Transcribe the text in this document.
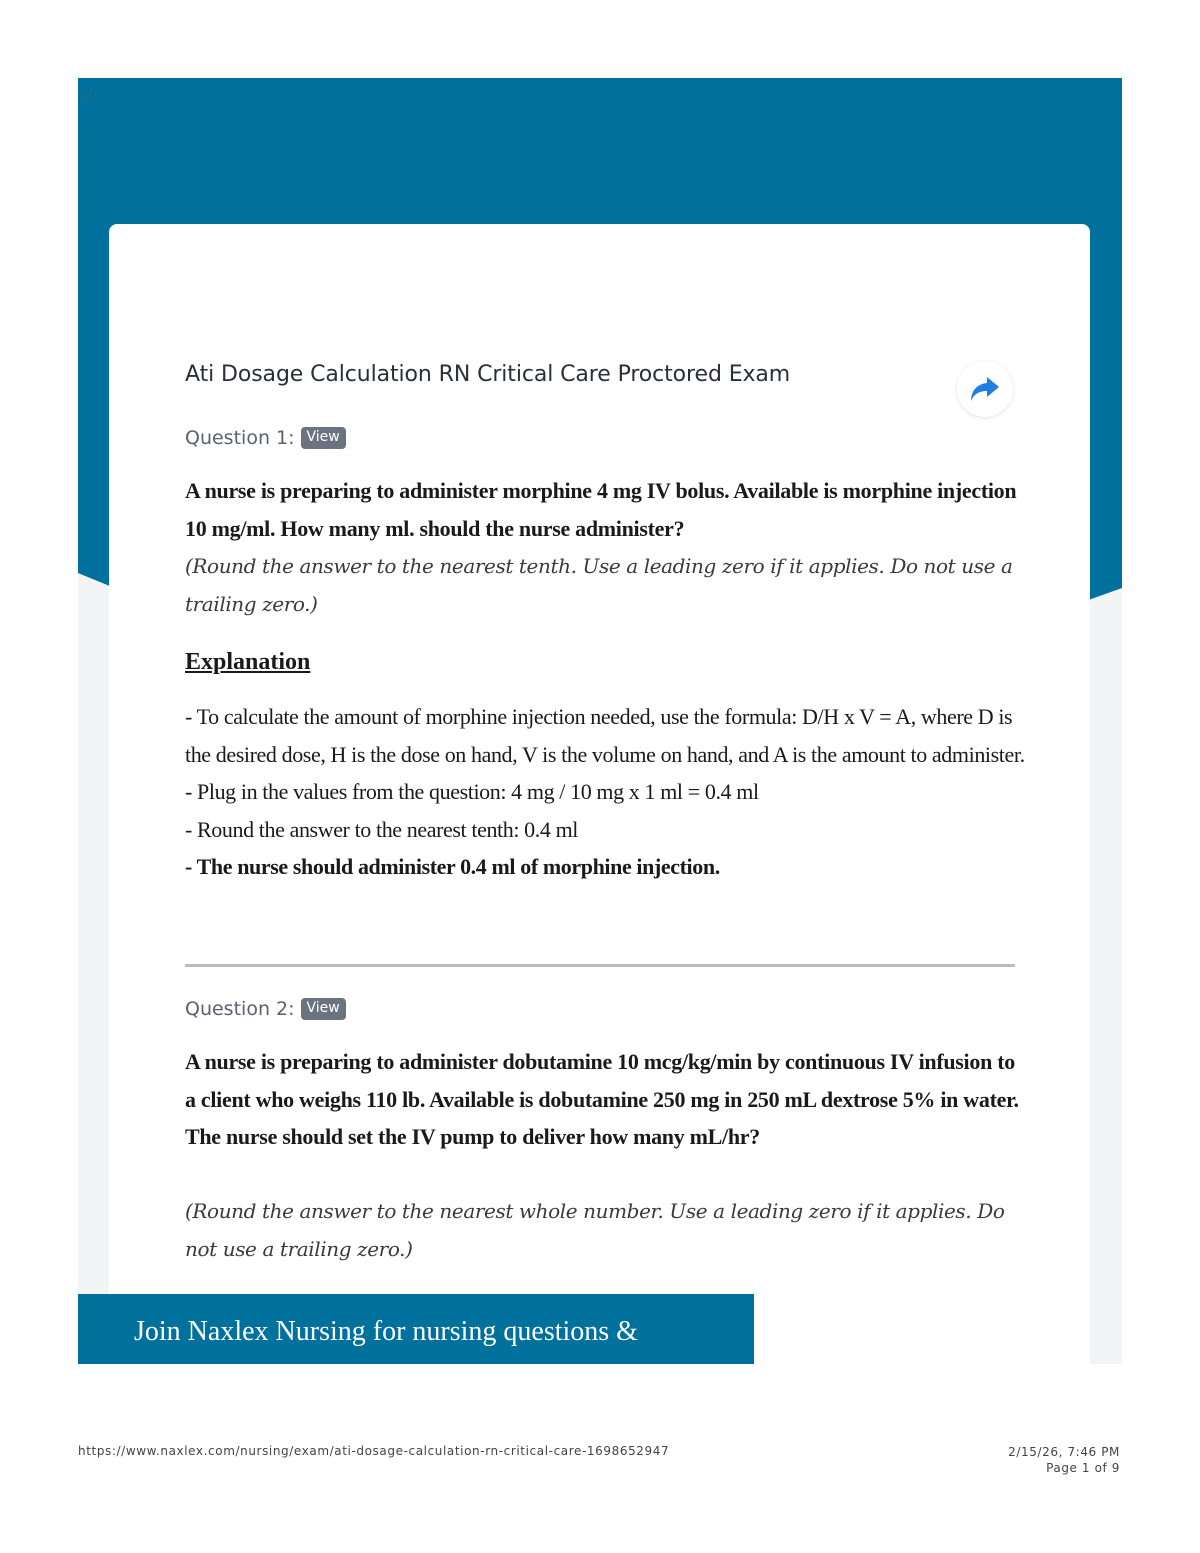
//
Ati Dosage Calculation RN Critical Care Proctored Exam
Question 1: View

A nurse is preparing to administer morphine 4 mg IV bolus. Available is morphine injection 10 mg/ml. How many ml. should the nurse administer?

(Round the answer to the nearest tenth. Use a leading zero if it applies. Do not use a trailing zero.)

Explanation
- To calculate the amount of morphine injection needed, use the formula: D/H x V = A, where D is the desired dose, H is the dose on hand, V is the volume on hand, and A is the amount to administer.
- Plug in the values from the question: 4 mg / 10 mg x 1 ml = 0.4 ml
- Round the answer to the nearest tenth: 0.4 ml
- The nurse should administer 0.4 ml of morphine injection.
Question 2: View

A nurse is preparing to administer dobutamine 10 mcg/kg/min by continuous IV infusion to a client who weighs 110 lb. Available is dobutamine 250 mg in 250 mL dextrose 5% in water. The nurse should set the IV pump to deliver how many mL/hr?

(Round the answer to the nearest whole number. Use a leading zero if it applies. Do not use a trailing zero.)

Join Naxlex Nursing for nursing questions &
https://www.naxlex.com/nursing/exam/ati-dosage-calculation-rn-critical-care-1698652947	2/15/26, 7:46 PM
Page 1 of 9
